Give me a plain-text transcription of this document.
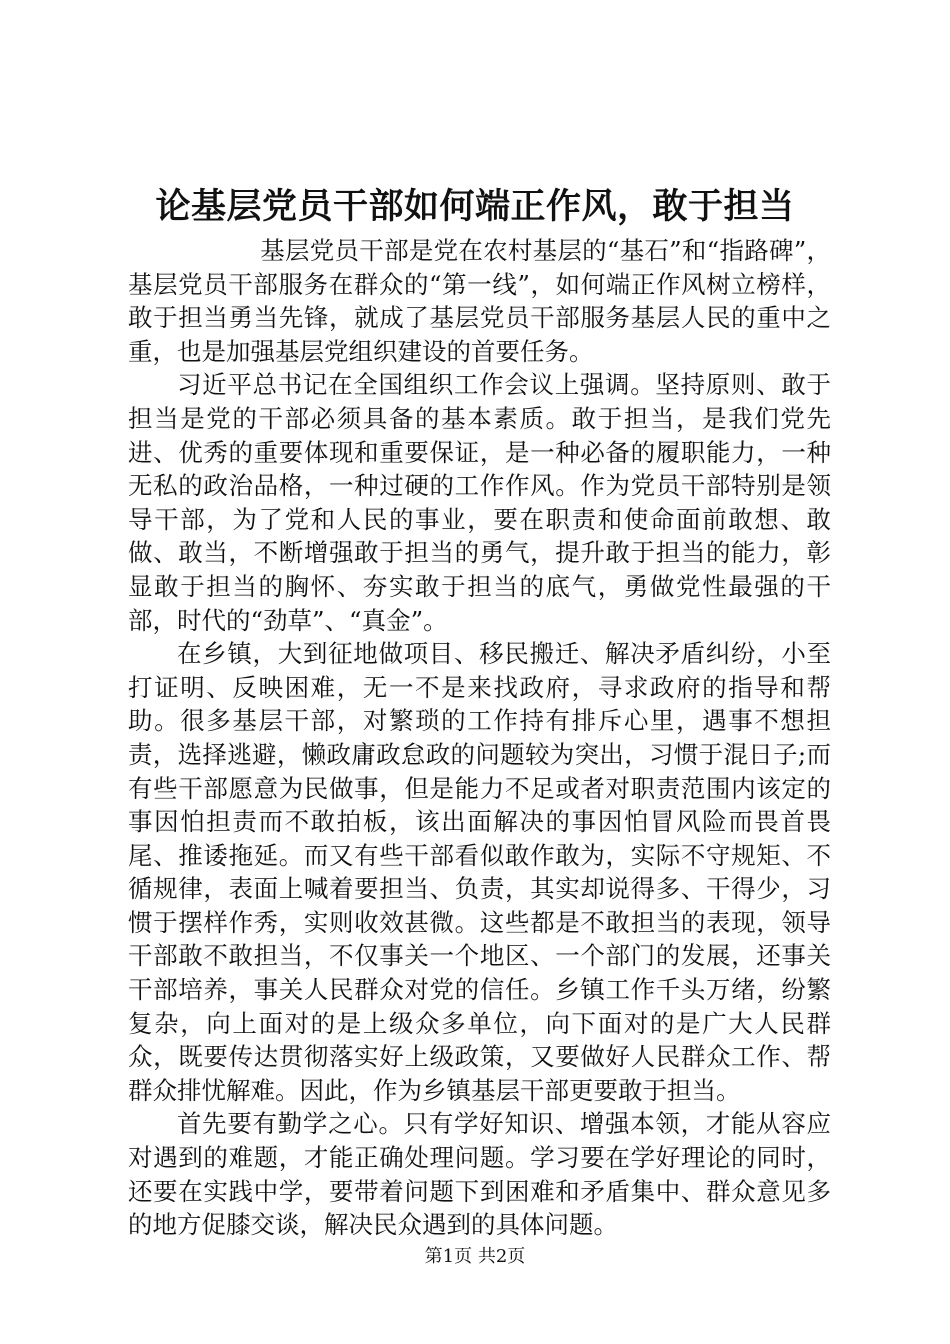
论基层党员干部如何端正作风，敢于担当

基层党员干部是党在农村基层的“基石”和“指路碑”，基层党员干部服务在群众的“第一线”，如何端正作风树立榜样，敢于担当勇当先锋，就成了基层党员干部服务基层人民的重中之重，也是加强基层党组织建设的首要任务。

习近平总书记在全国组织工作会议上强调。坚持原则、敢于担当是党的干部必须具备的基本素质。敢于担当，是我们党先进、优秀的重要体现和重要保证，是一种必备的履职能力，一种无私的政治品格，一种过硬的工作作风。作为党员干部特别是领导干部，为了党和人民的事业，要在职责和使命面前敢想、敢做、敢当，不断增强敢于担当的勇气，提升敢于担当的能力，彰显敢于担当的胸怀、夯实敢于担当的底气，勇做党性最强的干部，时代的“劲草”、“真金”。

在乡镇，大到征地做项目、移民搬迁、解决矛盾纠纷，小至打证明、反映困难，无一不是来找政府，寻求政府的指导和帮助。很多基层干部，对繁琐的工作持有排斥心里，遇事不想担责，选择逃避，懒政庸政怠政的问题较为突出，习惯于混日子;而有些干部愿意为民做事，但是能力不足或者对职责范围内该定的事因怕担责而不敢拍板，该出面解决的事因怕冒风险而畏首畏尾、推诿拖延。而又有些干部看似敢作敢为，实际不守规矩、不循规律，表面上喊着要担当、负责，其实却说得多、干得少，习惯于摆样作秀，实则收效甚微。这些都是不敢担当的表现，领导干部敢不敢担当，不仅事关一个地区、一个部门的发展，还事关干部培养，事关人民群众对党的信任。乡镇工作千头万绪，纷繁复杂，向上面对的是上级众多单位，向下面对的是广大人民群众，既要传达贯彻落实好上级政策，又要做好人民群众工作、帮群众排忧解难。因此，作为乡镇基层干部更要敢于担当。

首先要有勤学之心。只有学好知识、增强本领，才能从容应对遇到的难题，才能正确处理问题。学习要在学好理论的同时，还要在实践中学，要带着问题下到困难和矛盾集中、群众意见多的地方促膝交谈，解决民众遇到的具体问题。

第1页 共2页
